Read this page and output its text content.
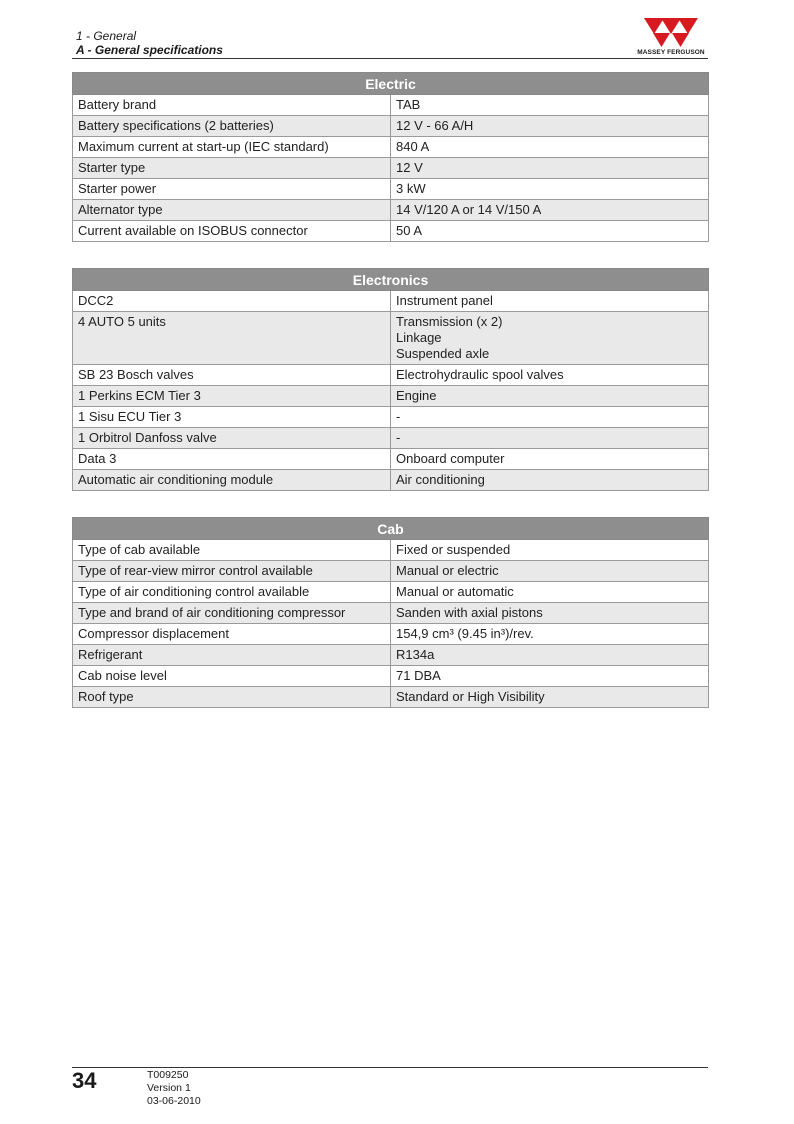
1 - General
A - General specifications	MASSEY FERGUSON
Electric	
Battery brand	TAB
Battery specifications (2 batteries)	12 V - 66 A/H
Maximum current at start-up (IEC standard)	840 A
Starter type	12 V
Starter power	3 kW
Alternator type	14 V/120 A or 14 V/150 A
Current available on ISOBUS connector	50 A
Electronics	
DCC2	Instrument panel
4 AUTO 5 units	Transmission (x 2)
Linkage
Suspended axle
SB 23 Bosch valves	Electrohydraulic spool valves
1 Perkins ECM Tier 3	Engine
1 Sisu ECU Tier 3	-
1 Orbitrol Danfoss valve	-
Data 3	Onboard computer
Automatic air conditioning module	Air conditioning
Cab	
Type of cab available	Fixed or suspended
Type of rear-view mirror control available	Manual or electric
Type of air conditioning control available	Manual or automatic
Type and brand of air conditioning compressor	Sanden with axial pistons
Compressor displacement	154,9 cm³ (9.45 in³)/rev.
Refrigerant	R134a
Cab noise level	71 DBA
Roof type	Standard or High Visibility
34	T009250
Version 1
03-06-2010
